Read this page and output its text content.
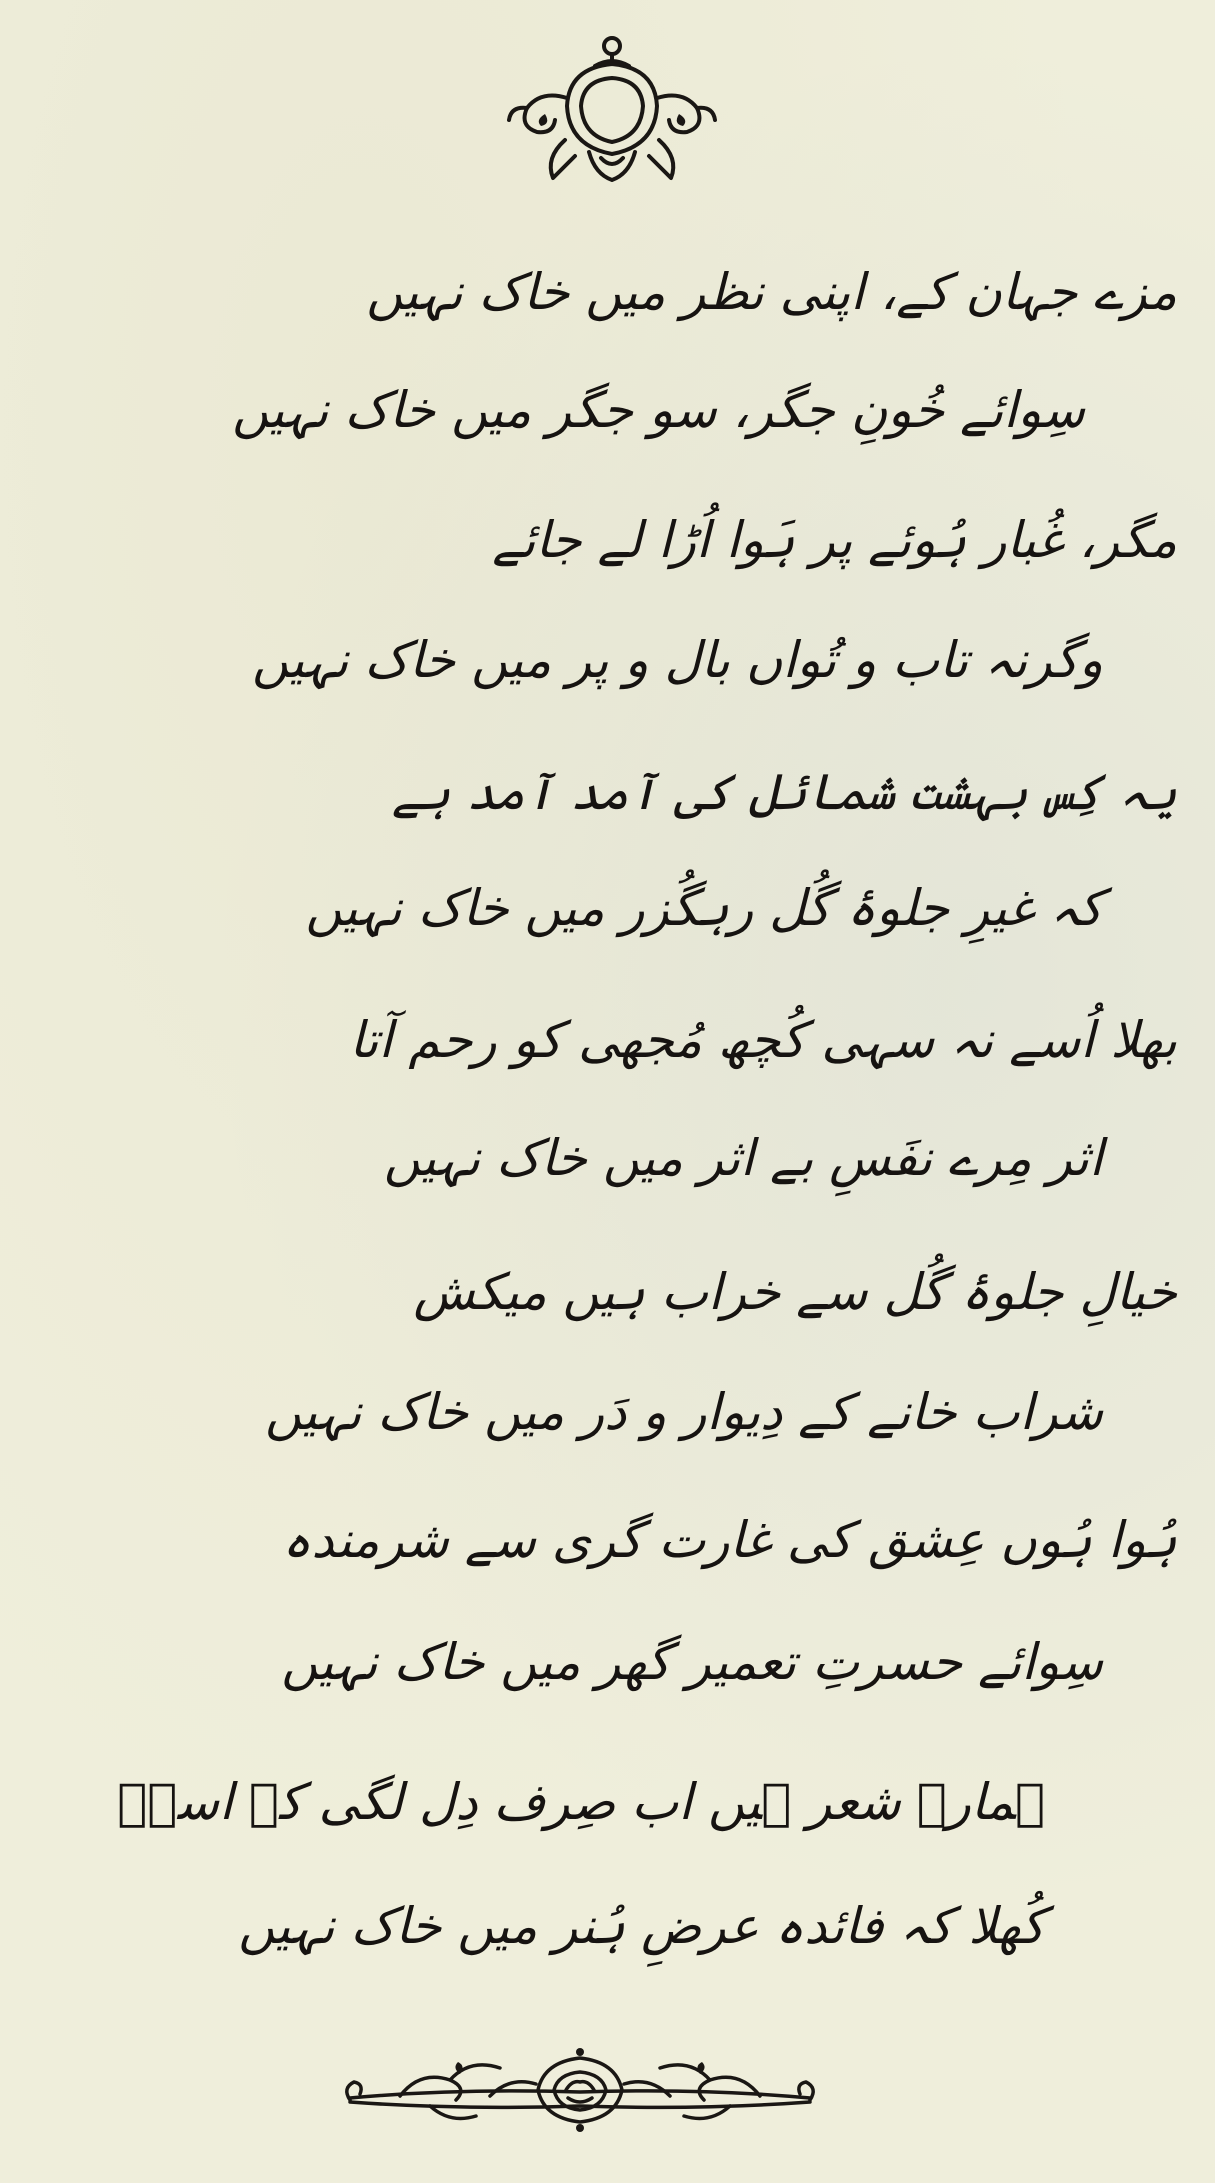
مزے جہان کے، اپنی نظر میں خاک نہیں
سِوائے خُونِ جگر، سو جگر میں خاک نہیں
مگر، غُبار ہُوئے پر ہَوا اُڑا لے جائے
وگرنہ تاب و تُواں بال و پر میں خاک نہیں
یہ کِس بہشت شمائل کی آمد آمد ہے
کہ غیرِ جلوۂ گُل رہگُزر میں خاک نہیں
بھلا اُسے نہ سہی کُچھ مُجھی کو رحم آتا
اثر مِرے نفَسِ بے اثر میں خاک نہیں
خیالِ جلوۂ گُل سے خراب ہیں میکش
شراب خانے کے دِیوار و دَر میں خاک نہیں
ہُوا ہُوں عِشق کی غارت گری سے شرمندہ
سِوائے حسرتِ تعمیر گھر میں خاک نہیں
ہمارے شعر ہیں اب صِرف دِل لگی کے اسدؔ
کُھلا کہ فائدہ عرضِ ہُنر میں خاک نہیں
